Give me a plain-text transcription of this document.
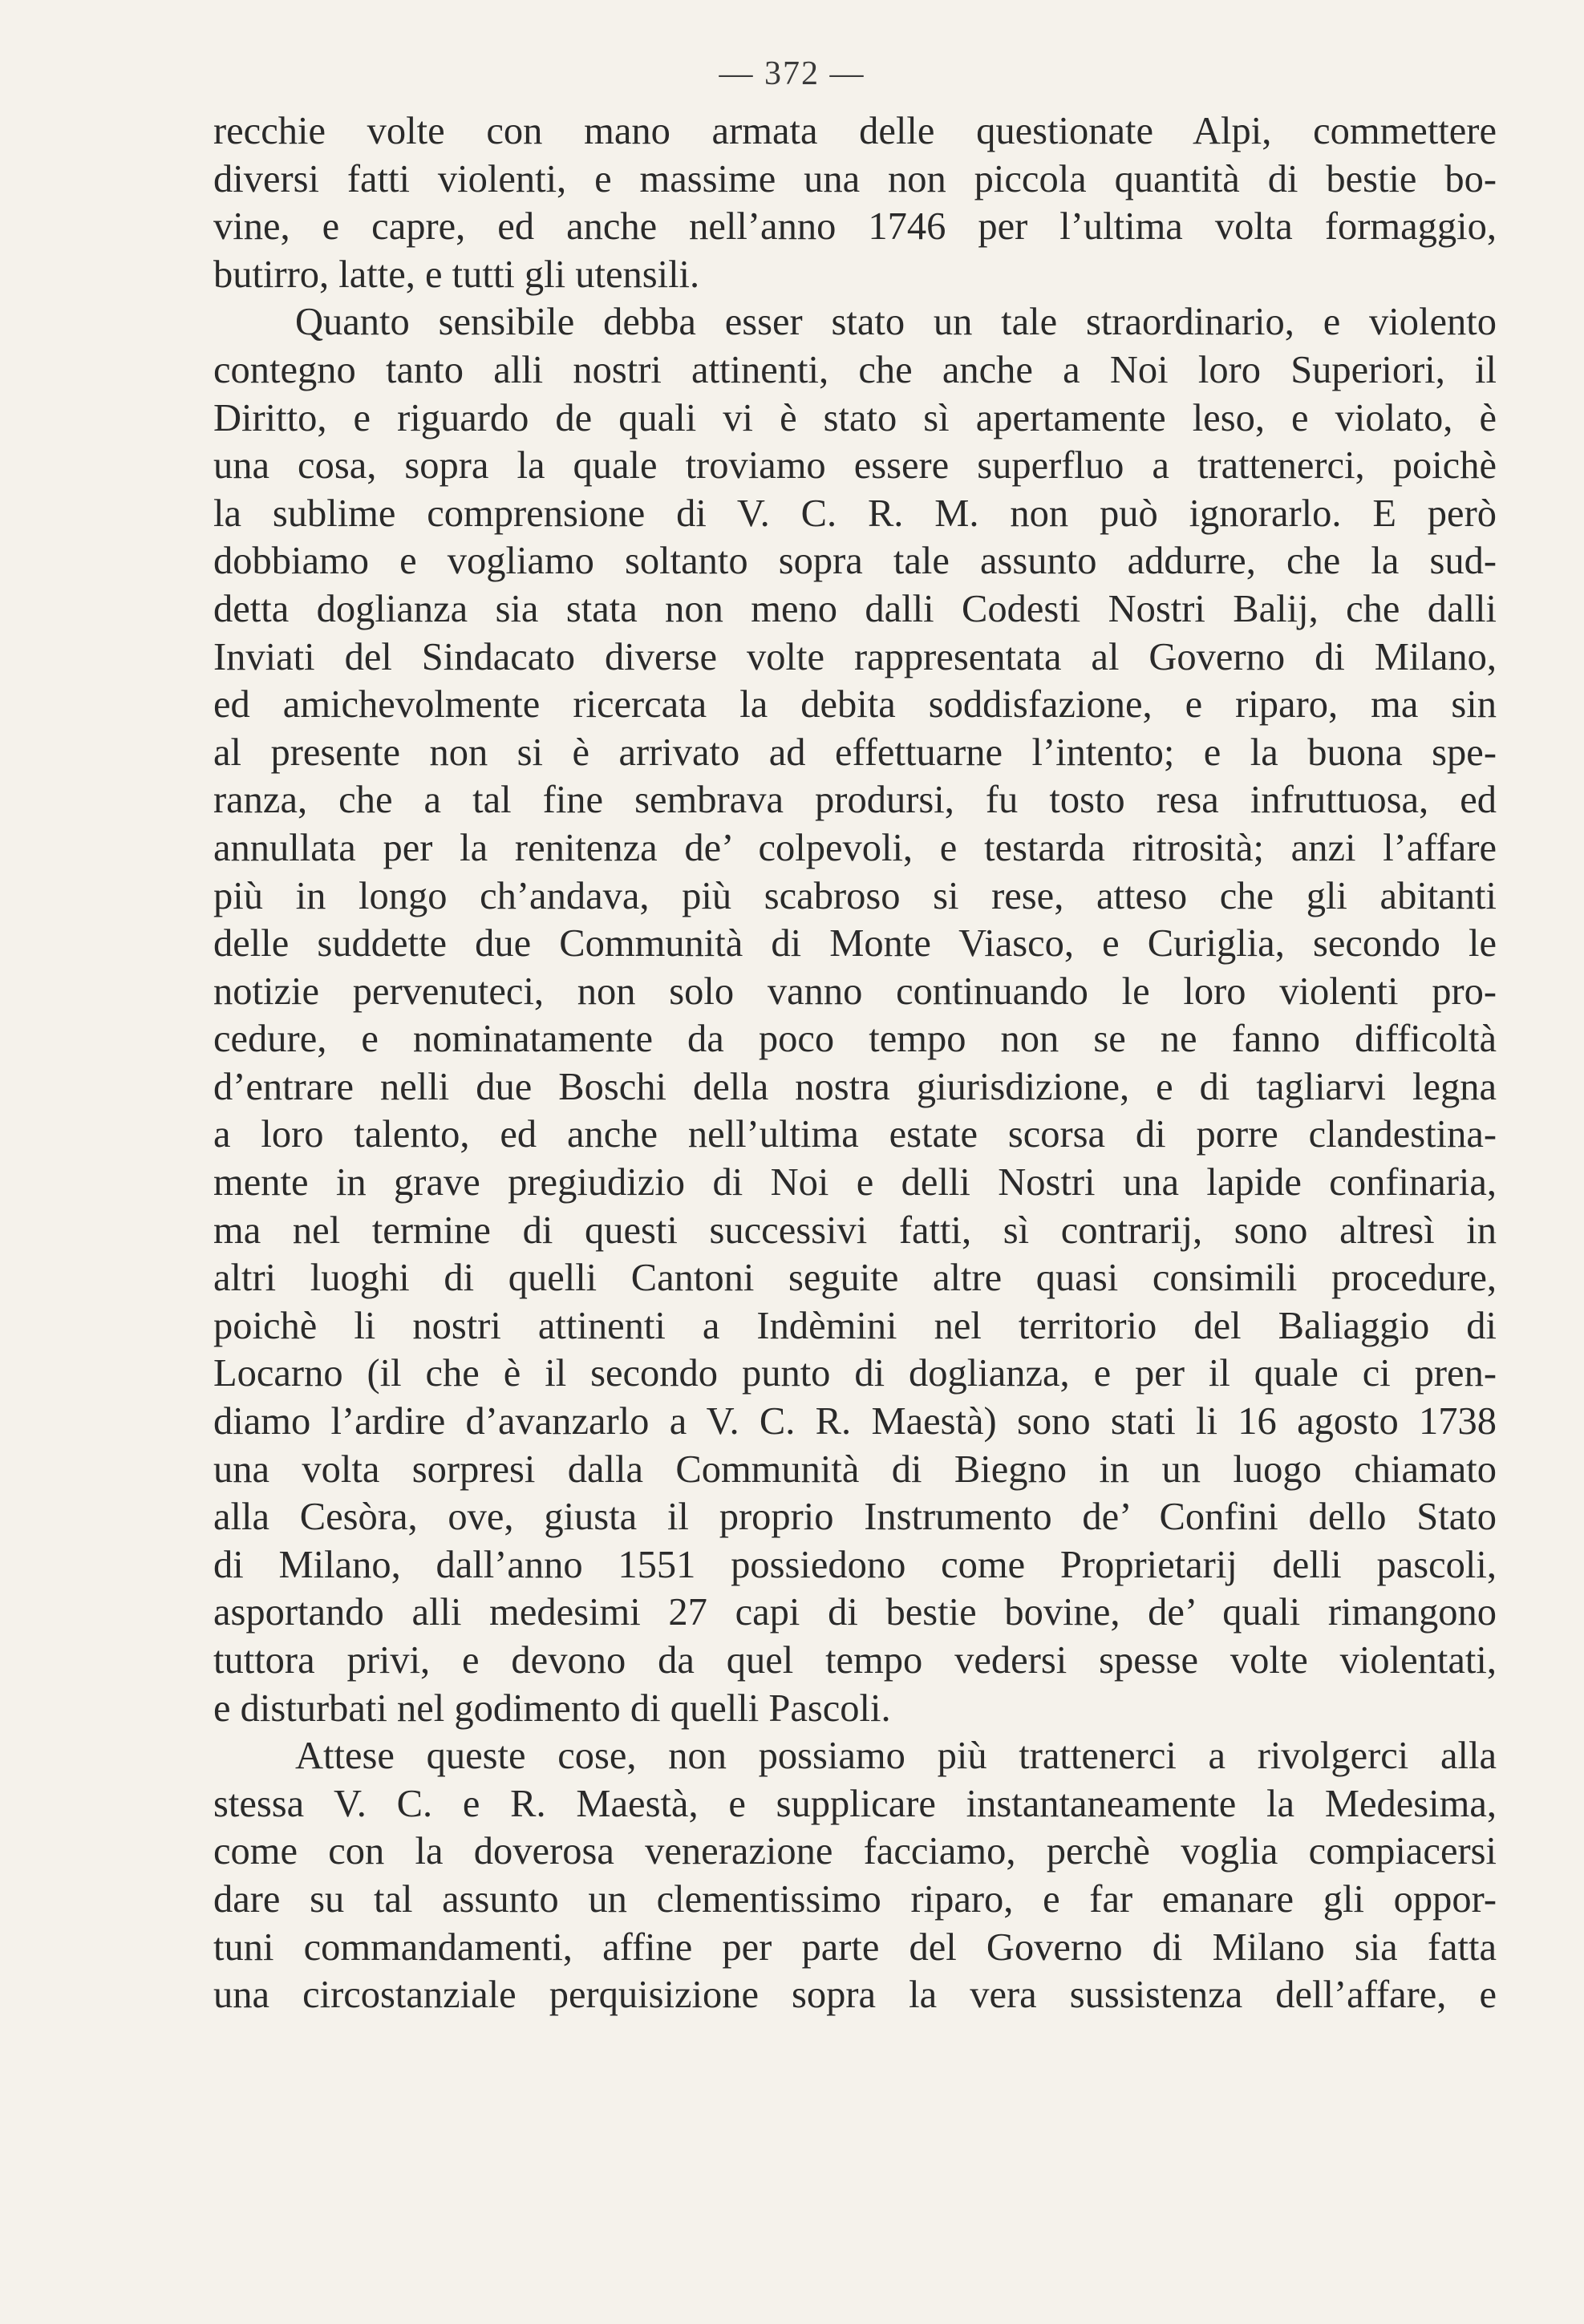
— 372 —
recchie volte con mano armata delle questionate Alpi, commettere
diversi fatti violenti, e massime una non piccola quantità di bestie bo-
vine, e capre, ed anche nell’anno 1746 per l’ultima volta formaggio,
butirro, latte, e tutti gli utensili.
Quanto sensibile debba esser stato un tale straordinario, e violento
contegno tanto alli nostri attinenti, che anche a Noi loro Superiori, il
Diritto, e riguardo de quali vi è stato sì apertamente leso, e violato, è
una cosa, sopra la quale troviamo essere superfluo a trattenerci, poichè
la sublime comprensione di V. C. R. M. non può ignorarlo. E però
dobbiamo e vogliamo soltanto sopra tale assunto addurre, che la sud-
detta doglianza sia stata non meno dalli Codesti Nostri Balij, che dalli
Inviati del Sindacato diverse volte rappresentata al Governo di Milano,
ed amichevolmente ricercata la debita soddisfazione, e riparo, ma sin
al presente non si è arrivato ad effettuarne l’intento; e la buona spe-
ranza, che a tal fine sembrava prodursi, fu tosto resa infruttuosa, ed
annullata per la renitenza de’ colpevoli, e testarda ritrosità; anzi l’affare
più in longo ch’andava, più scabroso si rese, atteso che gli abitanti
delle suddette due Communità di Monte Viasco, e Curiglia, secondo le
notizie pervenuteci, non solo vanno continuando le loro violenti pro-
cedure, e nominatamente da poco tempo non se ne fanno difficoltà
d’entrare nelli due Boschi della nostra giurisdizione, e di tagliarvi legna
a loro talento, ed anche nell’ultima estate scorsa di porre clandestina-
mente in grave pregiudizio di Noi e delli Nostri una lapide confinaria,
ma nel termine di questi successivi fatti, sì contrarij, sono altresì in
altri luoghi di quelli Cantoni seguite altre quasi consimili procedure,
poichè li nostri attinenti a Indèmini nel territorio del Baliaggio di
Locarno (il che è il secondo punto di doglianza, e per il quale ci pren-
diamo l’ardire d’avanzarlo a V. C. R. Maestà) sono stati li 16 agosto 1738
una volta sorpresi dalla Communità di Biegno in un luogo chiamato
alla Cesòra, ove, giusta il proprio Instrumento de’ Confini dello Stato
di Milano, dall’anno 1551 possiedono come Proprietarij delli pascoli,
asportando alli medesimi 27 capi di bestie bovine, de’ quali rimangono
tuttora privi, e devono da quel tempo vedersi spesse volte violentati,
e disturbati nel godimento di quelli Pascoli.
Attese queste cose, non possiamo più trattenerci a rivolgerci alla
stessa V. C. e R. Maestà, e supplicare instantaneamente la Medesima,
come con la doverosa venerazione facciamo, perchè voglia compiacersi
dare su tal assunto un clementissimo riparo, e far emanare gli oppor-
tuni commandamenti, affine per parte del Governo di Milano sia fatta
una circostanziale perquisizione sopra la vera sussistenza dell’affare, e
